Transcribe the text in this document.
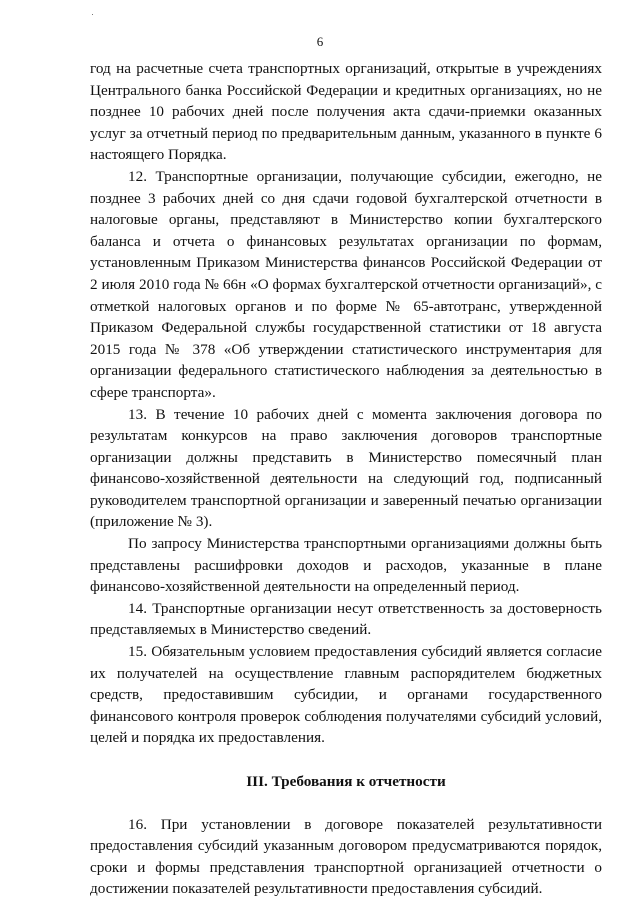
6

год на расчетные счета транспортных организаций, открытые в учреждениях Центрального банка Российской Федерации и кредитных организациях, но не позднее 10 рабочих дней после получения акта сдачи-приемки оказанных услуг за отчетный период по предварительным данным, указанного в пункте 6 настоящего Порядка.

12. Транспортные организации, получающие субсидии, ежегодно, не позднее 3 рабочих дней со дня сдачи годовой бухгалтерской отчетности в налоговые органы, представляют в Министерство копии бухгалтерского баланса и отчета о финансовых результатах организации по формам, установленным Приказом Министерства финансов Российской Федерации от 2 июля 2010 года № 66н «О формах бухгалтерской отчетности организаций», с отметкой налоговых органов и по форме № 65-автотранс, утвержденной Приказом Федеральной службы государственной статистики от 18 августа 2015 года № 378 «Об утверждении статистического инструментария для организации федерального статистического наблюдения за деятельностью в сфере транспорта».

13. В течение 10 рабочих дней с момента заключения договора по результатам конкурсов на право заключения договоров транспортные организации должны представить в Министерство помесячный план финансово-хозяйственной деятельности на следующий год, подписанный руководителем транспортной организации и заверенный печатью организации (приложение № 3).

По запросу Министерства транспортными организациями должны быть представлены расшифровки доходов и расходов, указанные в плане финансово-хозяйственной деятельности на определенный период.

14. Транспортные организации несут ответственность за достоверность представляемых в Министерство сведений.

15. Обязательным условием предоставления субсидий является согласие их получателей на осуществление главным распорядителем бюджетных средств, предоставившим субсидии, и органами государственного финансового контроля проверок соблюдения получателями субсидий условий, целей и порядка их предоставления.

III. Требования к отчетности

16. При установлении в договоре показателей результативности предоставления субсидий указанным договором предусматриваются порядок, сроки и формы представления транспортной организацией отчетности о достижении показателей результативности предоставления субсидий.
